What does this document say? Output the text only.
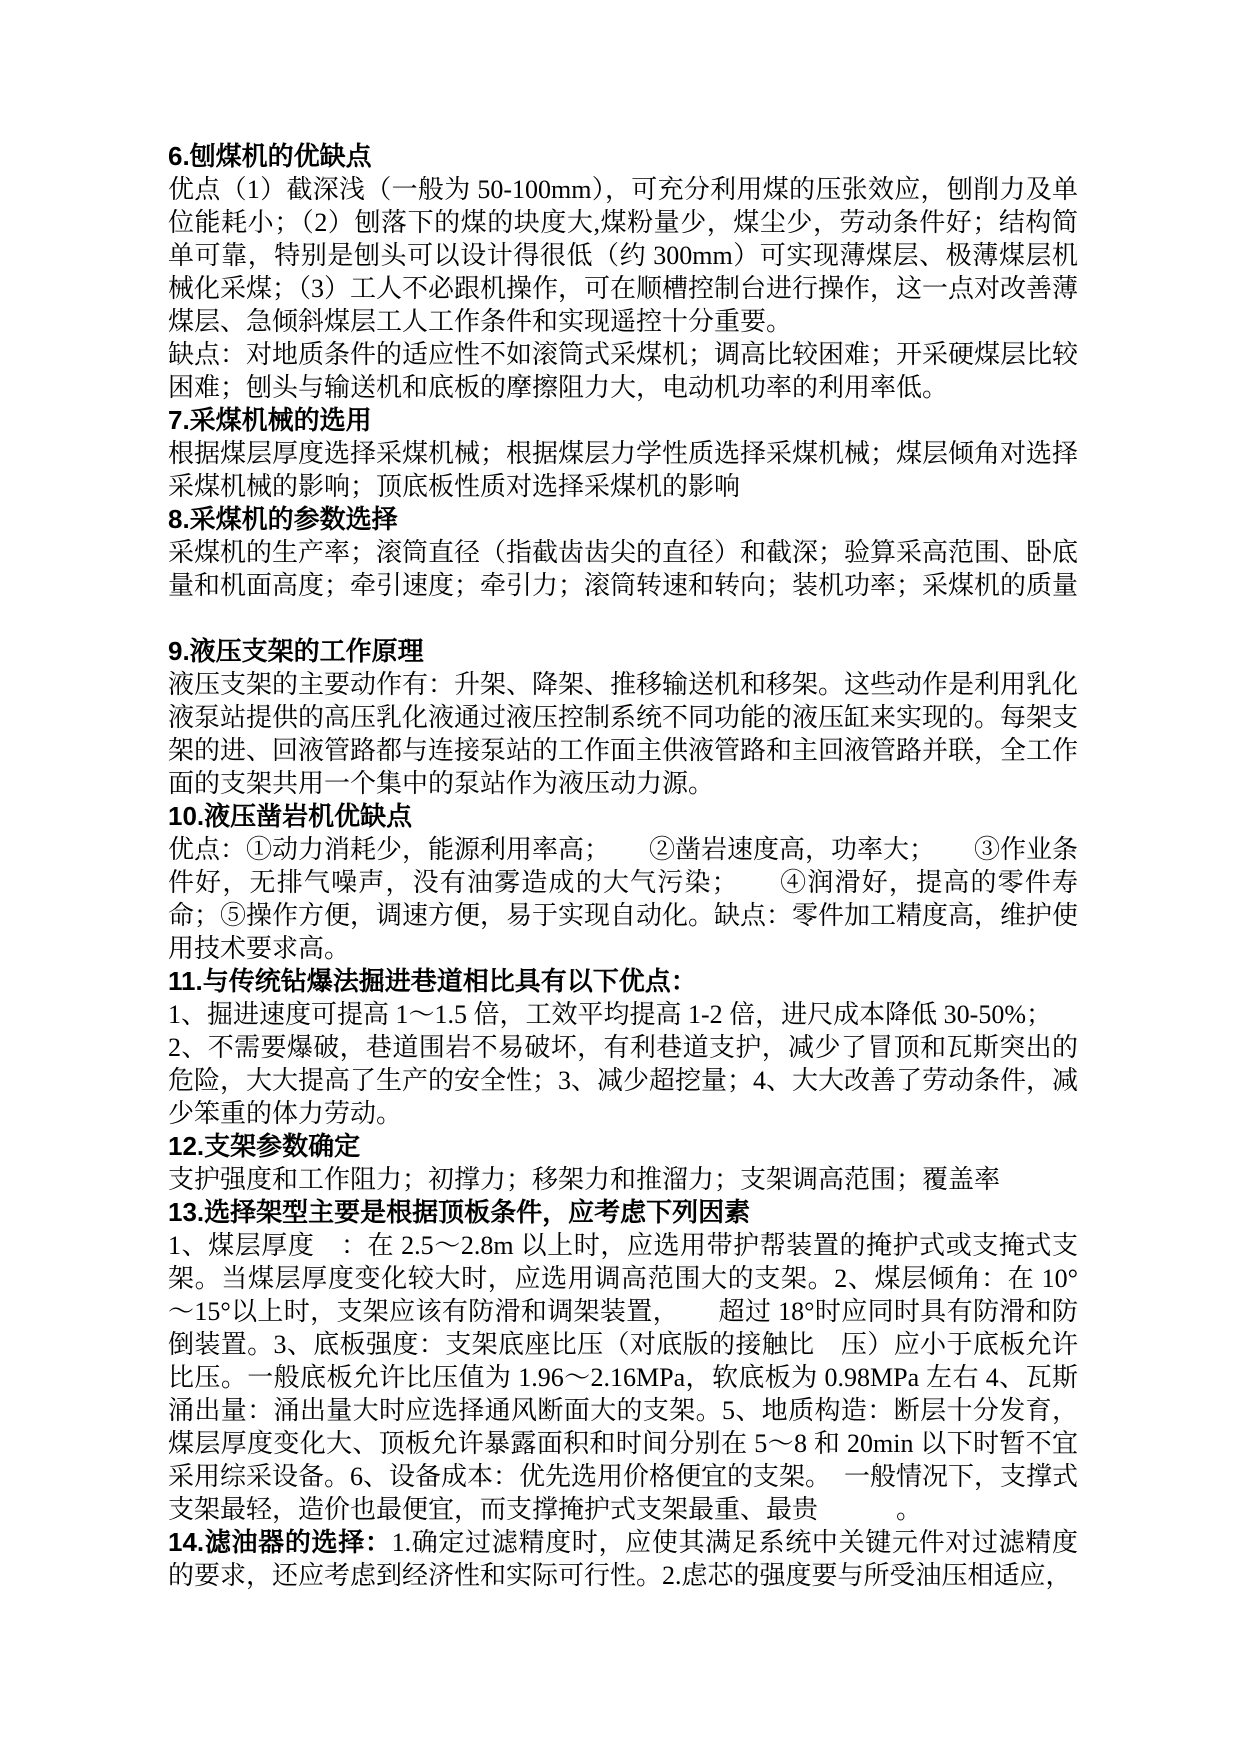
6.刨煤机的优缺点

优点（1）截深浅（一般为 50-100mm），可充分利用煤的压张效应，刨削力及单位能耗小；（2）刨落下的煤的块度大,煤粉量少，煤尘少，劳动条件好；结构简单可靠，特别是刨头可以设计得很低（约 300mm）可实现薄煤层、极薄煤层机械化采煤；（3）工人不必跟机操作，可在顺槽控制台进行操作，这一点对改善薄煤层、急倾斜煤层工人工作条件和实现遥控十分重要。

缺点：对地质条件的适应性不如滚筒式采煤机；调高比较困难；开采硬煤层比较困难；刨头与输送机和底板的摩擦阻力大，电动机功率的利用率低。

7.采煤机械的选用

根据煤层厚度选择采煤机械；根据煤层力学性质选择采煤机械；煤层倾角对选择采煤机械的影响；顶底板性质对选择采煤机的影响

8.采煤机的参数选择

采煤机的生产率；滚筒直径（指截齿齿尖的直径）和截深；验算采高范围、卧底量和机面高度；牵引速度；牵引力；滚筒转速和转向；装机功率；采煤机的质量

9.液压支架的工作原理

液压支架的主要动作有：升架、降架、推移输送机和移架。这些动作是利用乳化液泵站提供的高压乳化液通过液压控制系统不同功能的液压缸来实现的。每架支架的进、回液管路都与连接泵站的工作面主供液管路和主回液管路并联，全工作面的支架共用一个集中的泵站作为液压动力源。

10.液压凿岩机优缺点

优点：①动力消耗少，能源利用率高；　　②凿岩速度高，功率大；　　③作业条件好，无排气噪声，没有油雾造成的大气污染；　　④润滑好，提高的零件寿命；⑤操作方便，调速方便，易于实现自动化。缺点：零件加工精度高，维护使用技术要求高。

11.与传统钻爆法掘进巷道相比具有以下优点：

1、掘进速度可提高 1～1.5 倍，工效平均提高 1-2 倍，进尺成本降低 30-50%；

2、不需要爆破，巷道围岩不易破坏，有利巷道支护，减少了冒顶和瓦斯突出的危险，大大提高了生产的安全性；3、减少超挖量；4、大大改善了劳动条件，减少笨重的体力劳动。

12.支架参数确定

支护强度和工作阻力；初撑力；移架力和推溜力；支架调高范围；覆盖率

13.选择架型主要是根据顶板条件，应考虑下列因素

1、煤层厚度　：在 2.5～2.8m 以上时，应选用带护帮装置的掩护式或支掩式支架。当煤层厚度变化较大时，应选用调高范围大的支架。2、煤层倾角：在 10°～15°以上时，支架应该有防滑和调架装置，　　超过 18°时应同时具有防滑和防倒装置。3、底板强度：支架底座比压（对底版的接触比　压）应小于底板允许比压。一般底板允许比压值为 1.96～2.16MPa，软底板为 0.98MPa 左右 4、瓦斯涌出量：涌出量大时应选择通风断面大的支架。5、地质构造：断层十分发育，煤层厚度变化大、顶板允许暴露面积和时间分别在 5～8 和 20min 以下时暂不宜采用综采设备。6、设备成本：优先选用价格便宜的支架。　一般情况下，支撑式支架最轻，造价也最便宜，而支撑掩护式支架最重、最贵　　　。

14.滤油器的选择：1.确定过滤精度时，应使其满足系统中关键元件对过滤精度的要求，还应考虑到经济性和实际可行性。2.虑芯的强度要与所受油压相适应，
